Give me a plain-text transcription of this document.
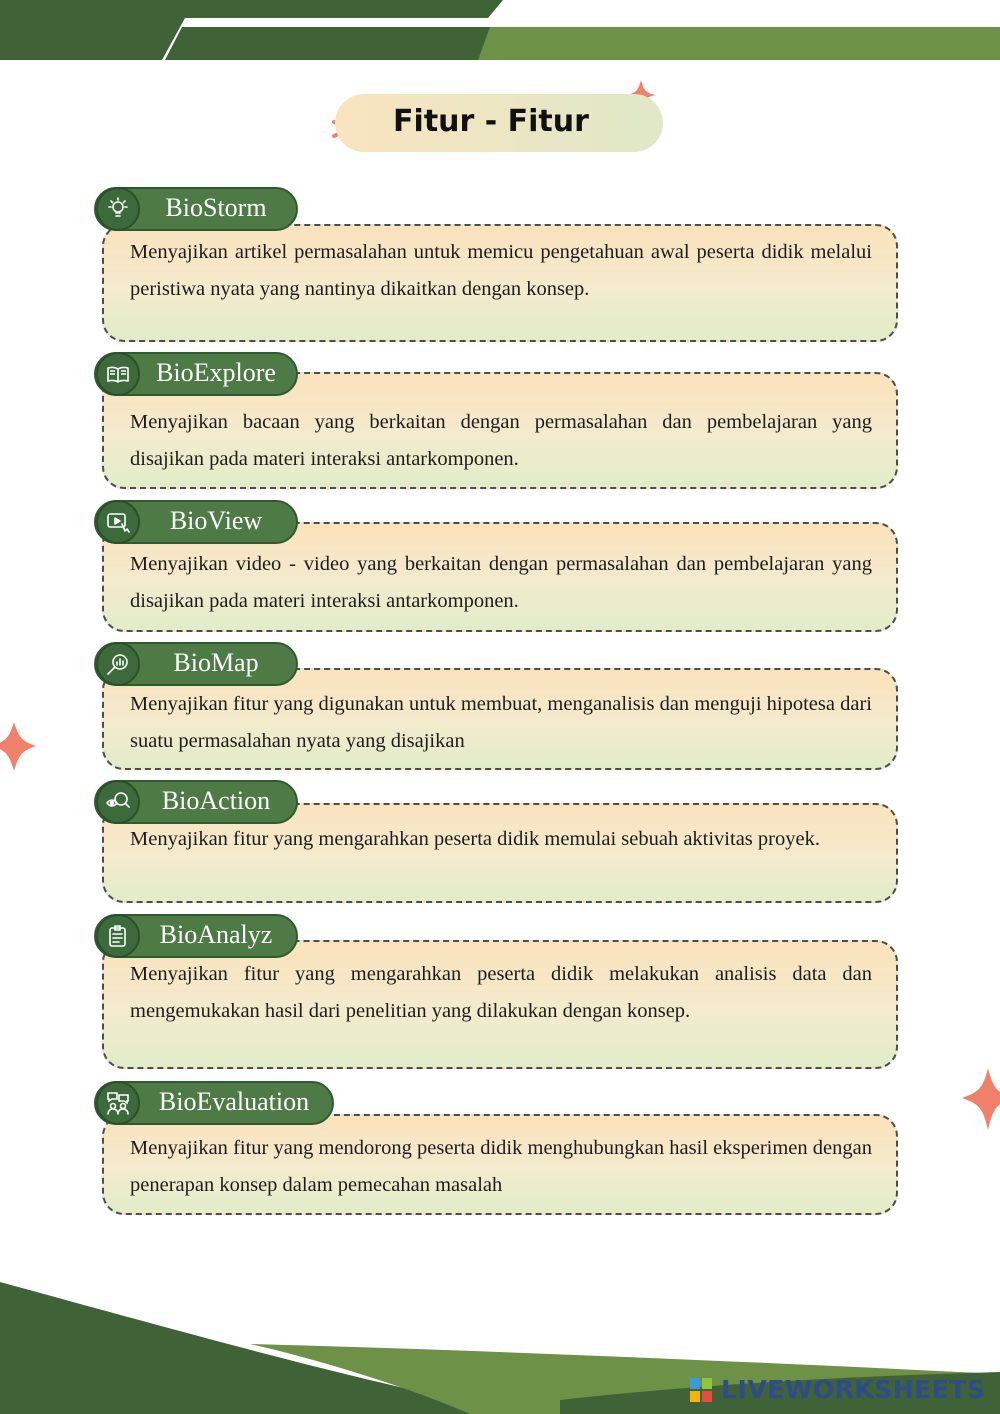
Fitur - Fitur

Menyajikan artikel permasalahan untuk memicu pengetahuan awal peserta didik melalui peristiwa nyata yang nantinya dikaitkan dengan konsep.

BioStorm

Menyajikan bacaan yang berkaitan dengan permasalahan dan pembelajaran yang disajikan pada materi interaksi antarkomponen.

BioExplore

Menyajikan video - video yang berkaitan dengan permasalahan dan pembelajaran yang disajikan pada materi interaksi antarkomponen.

BioView

Menyajikan fitur yang digunakan untuk membuat, menganalisis dan menguji hipotesa dari suatu permasalahan nyata yang disajikan

BioMap

Menyajikan fitur yang mengarahkan peserta didik memulai sebuah aktivitas proyek.

BioAction

Menyajikan fitur yang mengarahkan peserta didik melakukan analisis data dan mengemukakan hasil dari penelitian yang dilakukan dengan konsep.

BioAnalyz

Menyajikan fitur yang mendorong peserta didik menghubungkan hasil eksperimen dengan penerapan konsep dalam pemecahan masalah

BioEvaluation
LIVEWORKSHEETS
